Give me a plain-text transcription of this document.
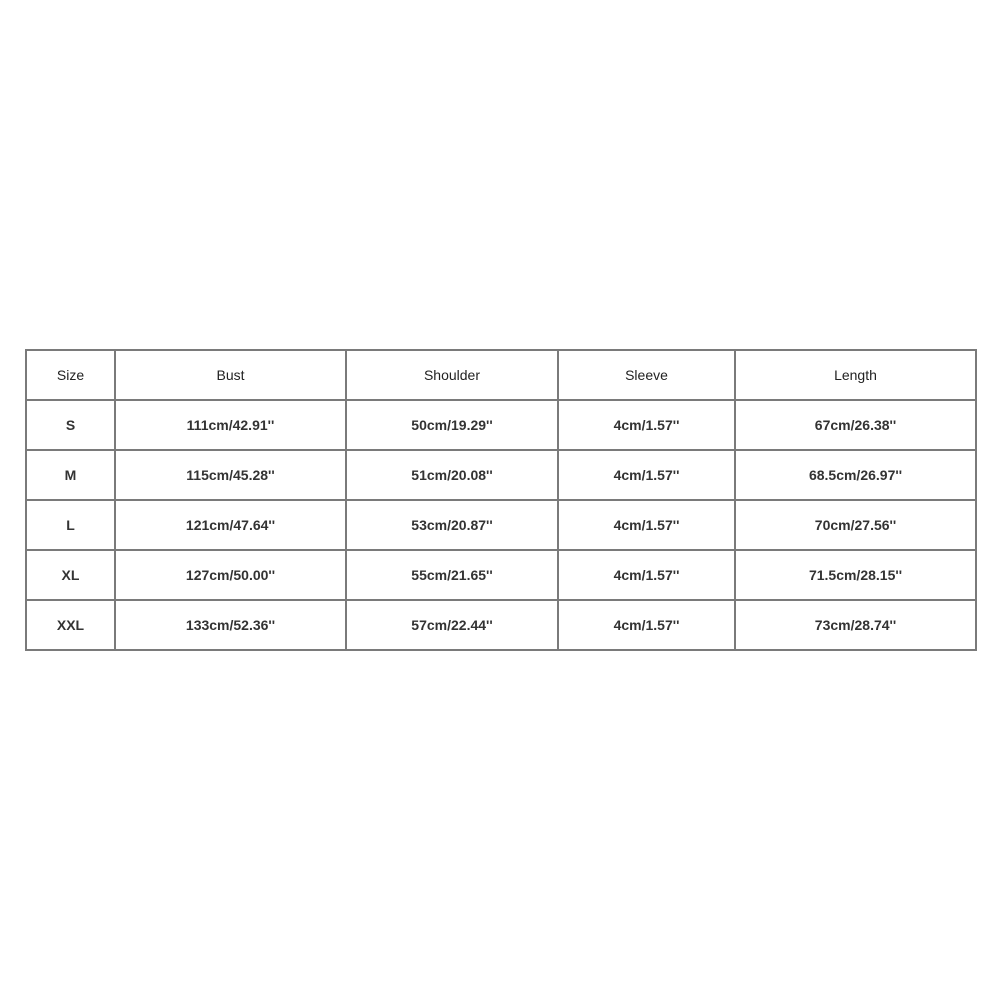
Size	Bust	Shoulder	Sleeve	Length
S	111cm/42.91''	50cm/19.29''	4cm/1.57''	67cm/26.38''
M	115cm/45.28''	51cm/20.08''	4cm/1.57''	68.5cm/26.97''
L	121cm/47.64''	53cm/20.87''	4cm/1.57''	70cm/27.56''
XL	127cm/50.00''	55cm/21.65''	4cm/1.57''	71.5cm/28.15''
XXL	133cm/52.36''	57cm/22.44''	4cm/1.57''	73cm/28.74''
